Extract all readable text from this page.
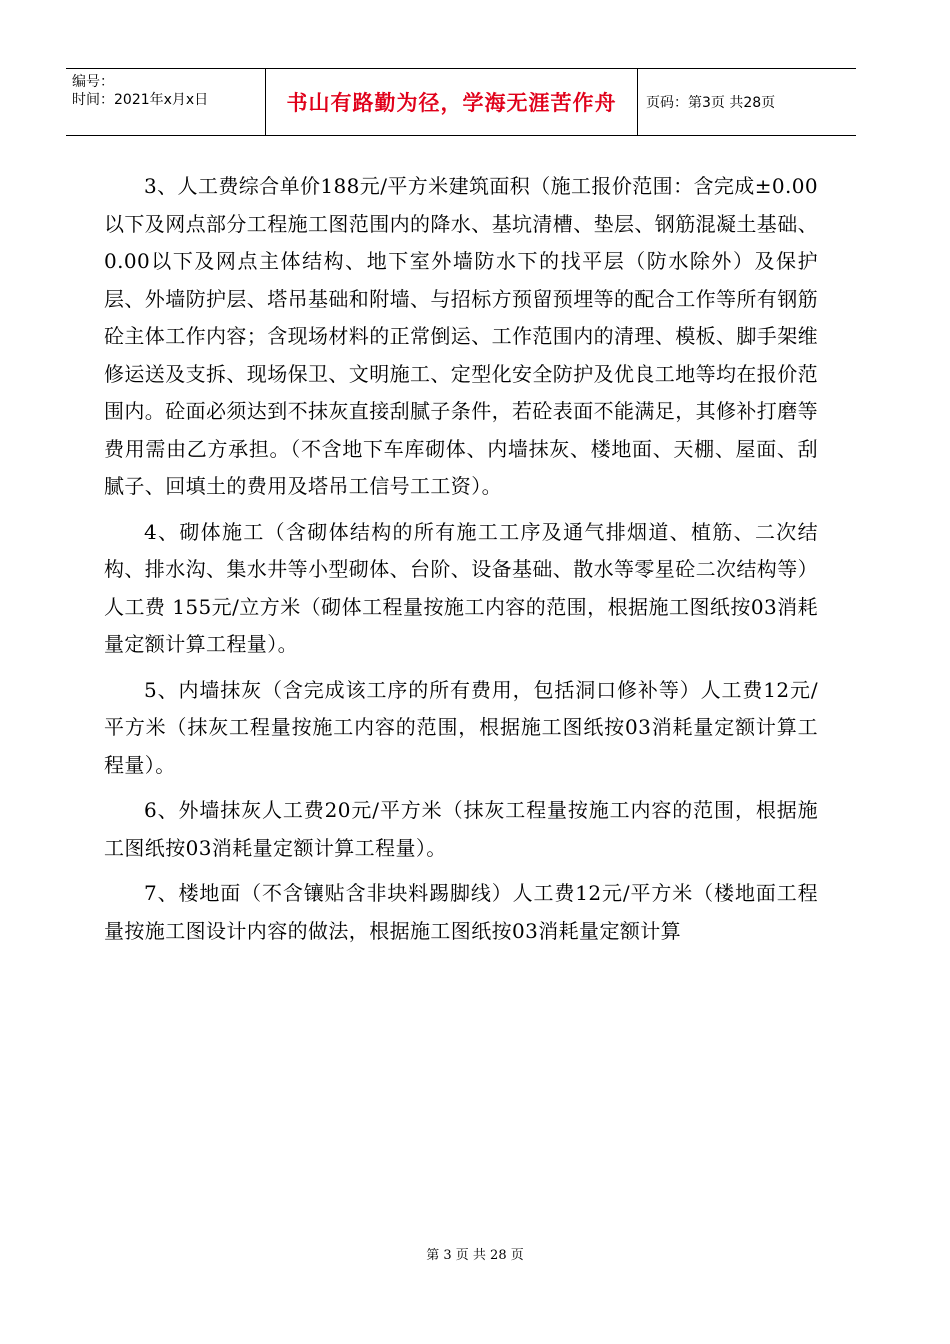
编号：
时间：2021年x月x日	书山有路勤为径，学海无涯苦作舟	页码：第3页 共28页

3、人工费综合单价188元/平方米建筑面积（施工报价范围：含完成±0.00以下及网点部分工程施工图范围内的降水、基坑清槽、垫层、钢筋混凝土基础、0.00以下及网点主体结构、地下室外墙防水下的找平层（防水除外）及保护层、外墙防护层、塔吊基础和附墙、与招标方预留预埋等的配合工作等所有钢筋砼主体工作内容；含现场材料的正常倒运、工作范围内的清理、模板、脚手架维修运送及支拆、现场保卫、文明施工、定型化安全防护及优良工地等均在报价范围内。砼面必须达到不抹灰直接刮腻子条件，若砼表面不能满足，其修补打磨等费用需由乙方承担。（不含地下车库砌体、内墙抹灰、楼地面、天棚、屋面、刮腻子、回填土的费用及塔吊工信号工工资）。

4、砌体施工（含砌体结构的所有施工工序及通气排烟道、植筋、二次结构、排水沟、集水井等小型砌体、台阶、设备基础、散水等零星砼二次结构等）人工费 155元/立方米（砌体工程量按施工内容的范围，根据施工图纸按03消耗量定额计算工程量）。

5、内墙抹灰（含完成该工序的所有费用，包括洞口修补等）人工费12元/平方米（抹灰工程量按施工内容的范围，根据施工图纸按03消耗量定额计算工程量）。

6、外墙抹灰人工费20元/平方米（抹灰工程量按施工内容的范围，根据施工图纸按03消耗量定额计算工程量）。

7、楼地面（不含镶贴含非块料踢脚线）人工费12元/平方米（楼地面工程量按施工图设计内容的做法，根据施工图纸按03消耗量定额计算

第 3 页 共 28 页
